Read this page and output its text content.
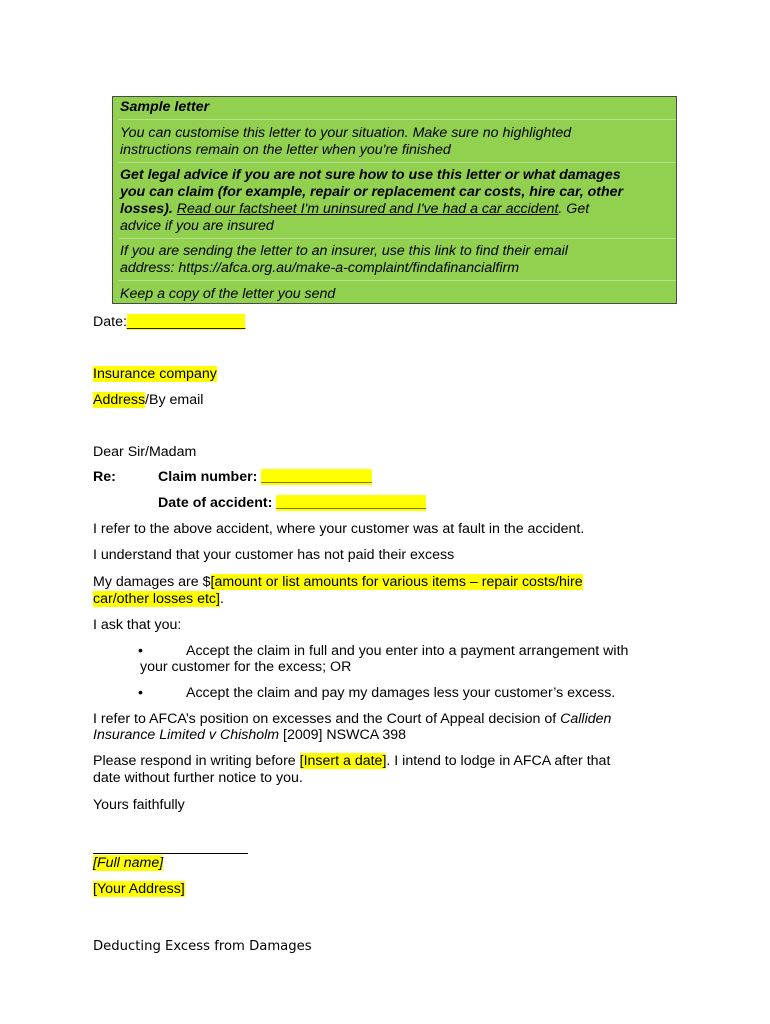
Sample letter
You can customise this letter to your situation. Make sure no highlighted
instructions remain on the letter when you're finished
Get legal advice if you are not sure how to use this letter or what damages
you can claim (for example, repair or replacement car costs, hire car, other
losses). Read our factsheet I'm uninsured and I've had a car accident. Get
advice if you are insured
If you are sending the letter to an insurer, use this link to find their email
address: https://afca.org.au/make-a-complaint/findafinancialfirm
Keep a copy of the letter you send
Date:_______________
Insurance company
Address/By email
Dear Sir/Madam
Re:	Claim number: ______________
Date of accident: ___________________
I refer to the above accident, where your customer was at fault in the accident.
I understand that your customer has not paid their excess
My damages are $[amount or list amounts for various items – repair costs/hire
car/other losses etc].
I ask that you:
•	Accept the claim in full and you enter into a payment arrangement with
your customer for the excess; OR
•	Accept the claim and pay my damages less your customer’s excess.
I refer to AFCA’s position on excesses and the Court of Appeal decision of Calliden
Insurance Limited v Chisholm [2009] NSWCA 398
Please respond in writing before [Insert a date]. I intend to lodge in AFCA after that
date without further notice to you.
Yours faithfully
[Full name]
[Your Address]
Deducting Excess from Damages
